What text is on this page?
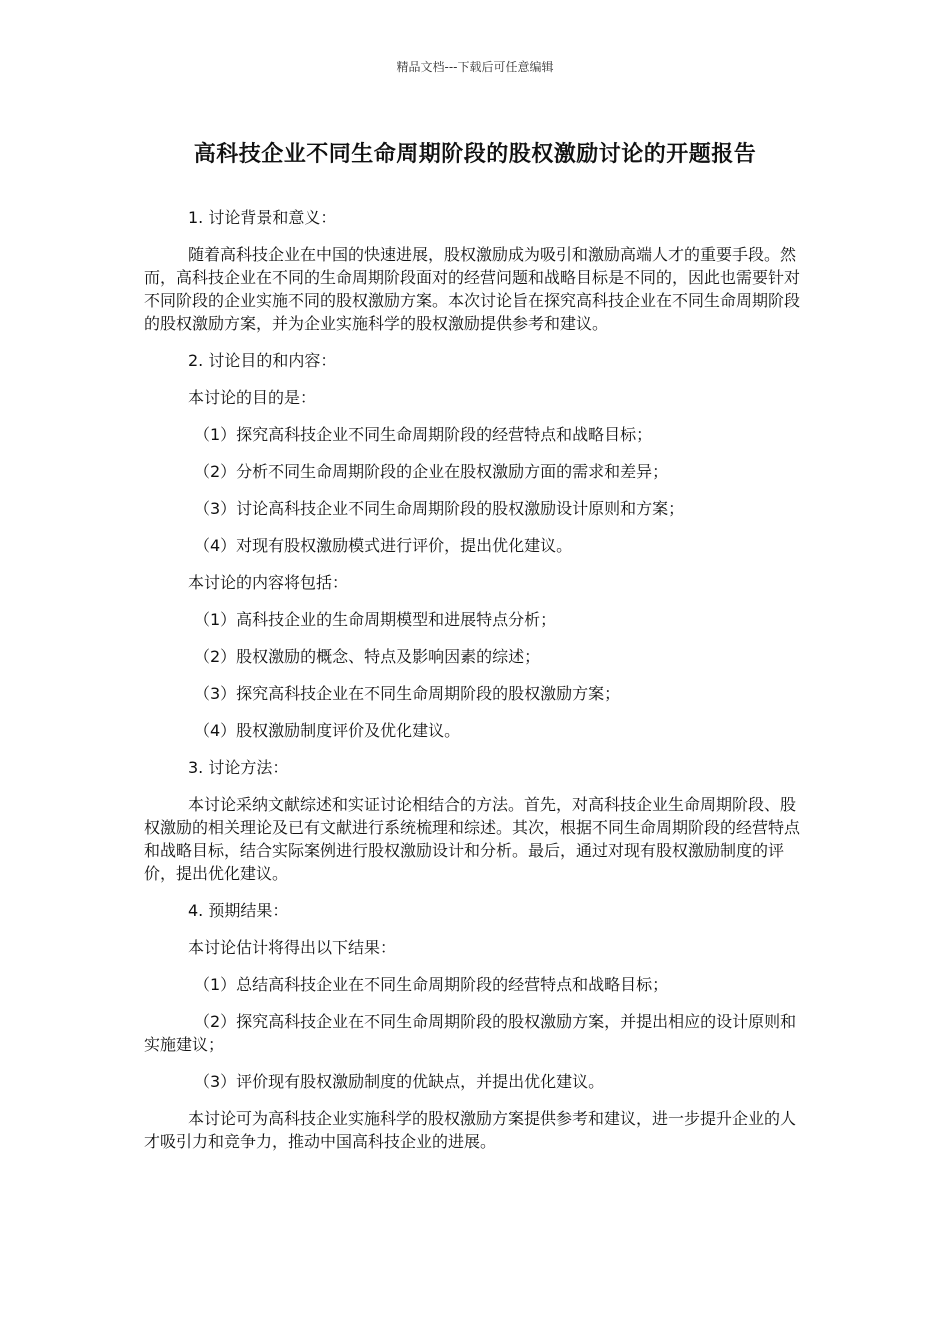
精品文档---下载后可任意编辑
高科技企业不同生命周期阶段的股权激励讨论的开题报告

1. 讨论背景和意义：

随着高科技企业在中国的快速进展，股权激励成为吸引和激励高端人才的重要手段。然而，高科技企业在不同的生命周期阶段面对的经营问题和战略目标是不同的，因此也需要针对不同阶段的企业实施不同的股权激励方案。本次讨论旨在探究高科技企业在不同生命周期阶段的股权激励方案，并为企业实施科学的股权激励提供参考和建议。

2. 讨论目的和内容：

本讨论的目的是：

（1）探究高科技企业不同生命周期阶段的经营特点和战略目标；

（2）分析不同生命周期阶段的企业在股权激励方面的需求和差异；

（3）讨论高科技企业不同生命周期阶段的股权激励设计原则和方案；

（4）对现有股权激励模式进行评价，提出优化建议。

本讨论的内容将包括：

（1）高科技企业的生命周期模型和进展特点分析；

（2）股权激励的概念、特点及影响因素的综述；

（3）探究高科技企业在不同生命周期阶段的股权激励方案；

（4）股权激励制度评价及优化建议。

3. 讨论方法：

本讨论采纳文献综述和实证讨论相结合的方法。首先，对高科技企业生命周期阶段、股权激励的相关理论及已有文献进行系统梳理和综述。其次，根据不同生命周期阶段的经营特点和战略目标，结合实际案例进行股权激励设计和分析。最后，通过对现有股权激励制度的评价，提出优化建议。

4. 预期结果：

本讨论估计将得出以下结果：

（1）总结高科技企业在不同生命周期阶段的经营特点和战略目标；

（2）探究高科技企业在不同生命周期阶段的股权激励方案，并提出相应的设计原则和实施建议；

（3）评价现有股权激励制度的优缺点，并提出优化建议。

本讨论可为高科技企业实施科学的股权激励方案提供参考和建议，进一步提升企业的人才吸引力和竞争力，推动中国高科技企业的进展。
